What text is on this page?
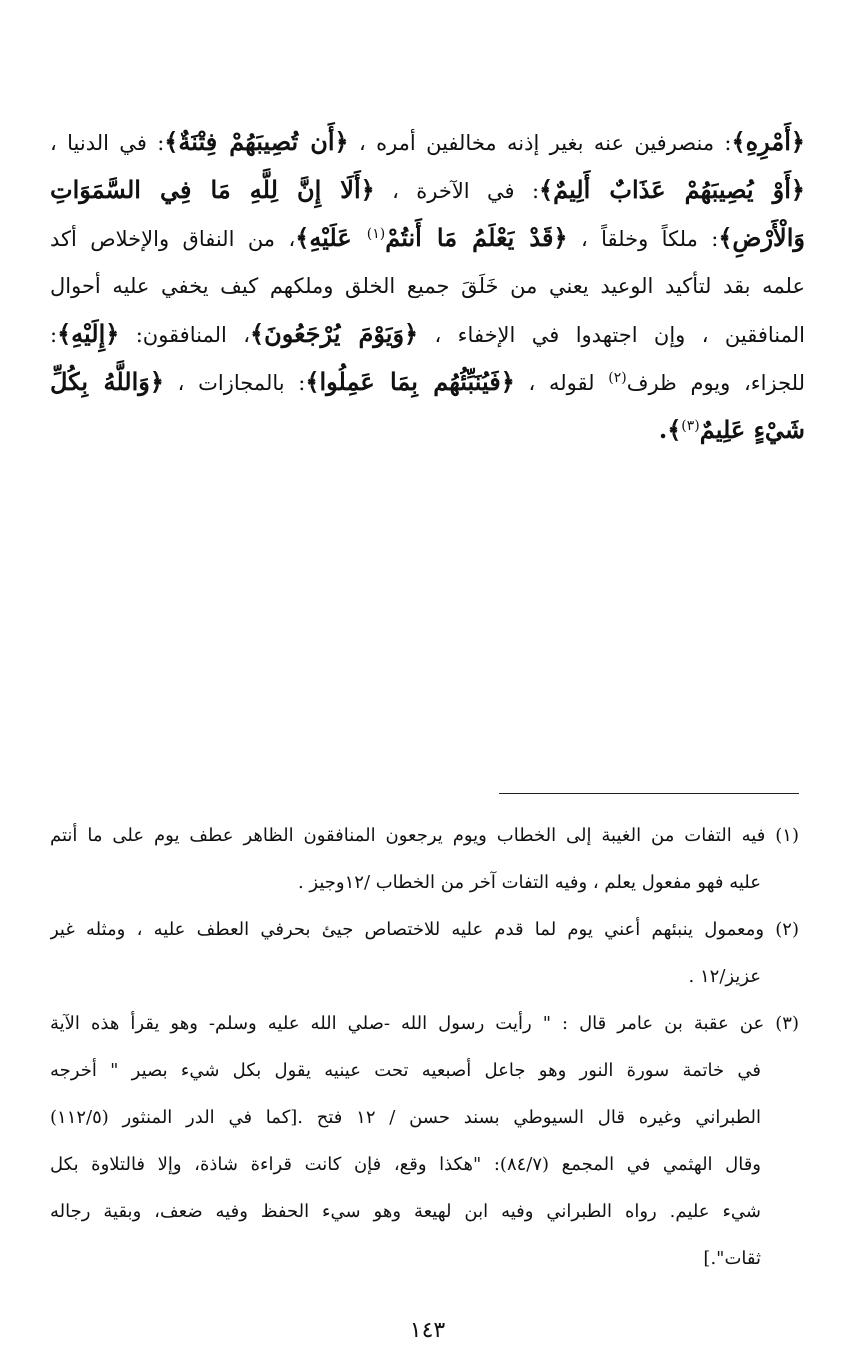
﴿أَمْرِهِ﴾: منصرفين عنه بغير إذنه مخالفين أمره ، ﴿أَن تُصِيبَهُمْ فِتْنَةٌ﴾: في الدنيا ،
﴿أَوْ يُصِيبَهُمْ عَذَابٌ أَلِيمٌ﴾: في الآخرة ، ﴿أَلَا إِنَّ لِلَّهِ مَا فِي السَّمَوَاتِ
وَالْأَرْضِ﴾: ملكاً وخلقاً ، ﴿قَدْ يَعْلَمُ مَا أَنتُمْ$^{(١)}$ عَلَيْهِ﴾، من النفاق والإخلاص أكد
علمه بقد لتأكيد الوعيد يعني من خَلَقَ جميع الخلق وملكهم كيف يخفي عليه أحوال
المنافقين ، وإن اجتهدوا في الإخفاء ، ﴿وَيَوْمَ يُرْجَعُونَ﴾، المنافقون: ﴿إِلَيْهِ﴾:
للجزاء، ويوم ظرف$^{(٢)}$ لقوله ، ﴿فَيُنَبِّئُهُم بِمَا عَمِلُوا﴾: بالمجازات ، ﴿وَاللَّهُ بِكُلِّ
شَيْءٍ عَلِيمٌ$^{(٣)}$﴾.
(١) فيه التفات من الغيبة إلى الخطاب ويوم يرجعون المنافقون الظاهر عطف يوم على ما أنتم
عليه فهو مفعول يعلم ، وفيه التفات آخر من الخطاب /١٢وجيز .
(٢) ومعمول ينبئهم أعني يوم لما قدم عليه للاختصاص جيئ بحرفي العطف عليه ، ومثله غير
عزيز/١٢ .
(٣) عن عقبة بن عامر قال : " رأيت رسول الله -صلي الله عليه وسلم- وهو يقرأ هذه الآية
في خاتمة سورة النور وهو جاعل أصبعيه تحت عينيه يقول بكل شيء بصير " أخرجه
الطبراني وغيره قال السيوطي بسند حسن / ١٢ فتح .[كما في الدر المنثور (١١٢/٥)
وقال الهثمي في المجمع (٨٤/٧): "هكذا وقع، فإن كانت قراءة شاذة، وإلا فالتلاوة بكل
شيء عليم. رواه الطبراني وفيه ابن لهيعة وهو سيء الحفظ وفيه ضعف، وبقية رجاله
ثقات".]
١٤٣
